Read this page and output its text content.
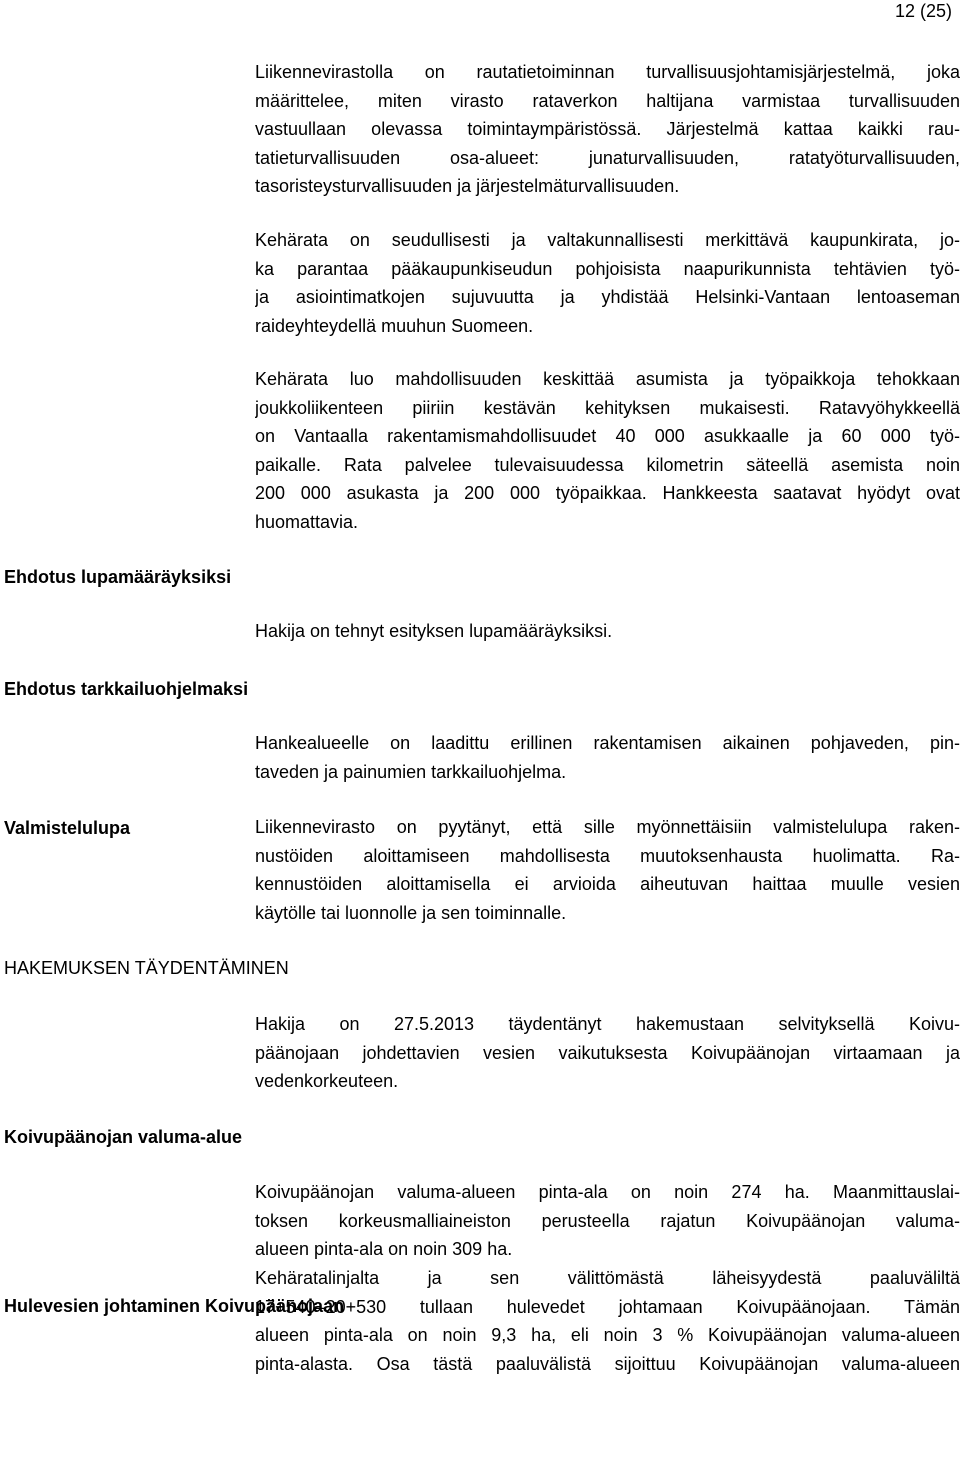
12 (25)
Liikennevirastolla on rautatietoiminnan turvallisuusjohtamisjärjestelmä, joka
määrittelee, miten virasto rataverkon haltijana varmistaa turvallisuuden
vastuullaan olevassa toimintaympäristössä. Järjestelmä kattaa kaikki rau-
tatieturvallisuuden osa-alueet: junaturvallisuuden, ratatyöturvallisuuden,
tasoristeysturvallisuuden ja järjestelmäturvallisuuden.
Kehärata on seudullisesti ja valtakunnallisesti merkittävä kaupunkirata, jo-
ka parantaa pääkaupunkiseudun pohjoisista naapurikunnista tehtävien työ-
ja asiointimatkojen sujuvuutta ja yhdistää Helsinki-Vantaan lentoaseman
raideyhteydellä muuhun Suomeen.
Kehärata luo mahdollisuuden keskittää asumista ja työpaikkoja tehokkaan
joukkoliikenteen piiriin kestävän kehityksen mukaisesti. Ratavyöhykkeellä
on Vantaalla rakentamismahdollisuudet 40 000 asukkaalle ja 60 000 työ-
paikalle. Rata palvelee tulevaisuudessa kilometrin säteellä asemista noin
200 000 asukasta ja 200 000 työpaikkaa. Hankkeesta saatavat hyödyt ovat
huomattavia.
Ehdotus lupamääräyksiksi
Hakija on tehnyt esityksen lupamääräyksiksi.
Ehdotus tarkkailuohjelmaksi
Hankealueelle on laadittu erillinen rakentamisen aikainen pohjaveden, pin-
taveden ja painumien tarkkailuohjelma.
Valmistelulupa	Liikennevirasto on pyytänyt, että sille myönnettäisiin valmistelulupa raken-
nustöiden aloittamiseen mahdollisesta muutoksenhausta huolimatta. Ra-
kennustöiden aloittamisella ei arvioida aiheutuvan haittaa muulle vesien
käytölle tai luonnolle ja sen toiminnalle.
HAKEMUKSEN TÄYDENTÄMINEN
Hakija on 27.5.2013 täydentänyt hakemustaan selvityksellä Koivu-
päänojaan johdettavien vesien vaikutuksesta Koivupäänojan virtaamaan ja
vedenkorkeuteen.
Koivupäänojan valuma-alue
Koivupäänojan valuma-alueen pinta-ala on noin 274 ha. Maanmittauslai-
toksen korkeusmalliaineiston perusteella rajatun Koivupäänojan valuma-
alueen pinta-ala on noin 309 ha.
Hulevesien johtaminen Koivupäänojaan
Kehäratalinjalta ja sen välittömästä läheisyydestä paaluväliltä
17+540–20+530 tullaan hulevedet johtamaan Koivupäänojaan. Tämän
alueen pinta-ala on noin 9,3 ha, eli noin 3 % Koivupäänojan valuma-alueen
pinta-alasta. Osa tästä paaluvälistä sijoittuu Koivupäänojan valuma-alueen
